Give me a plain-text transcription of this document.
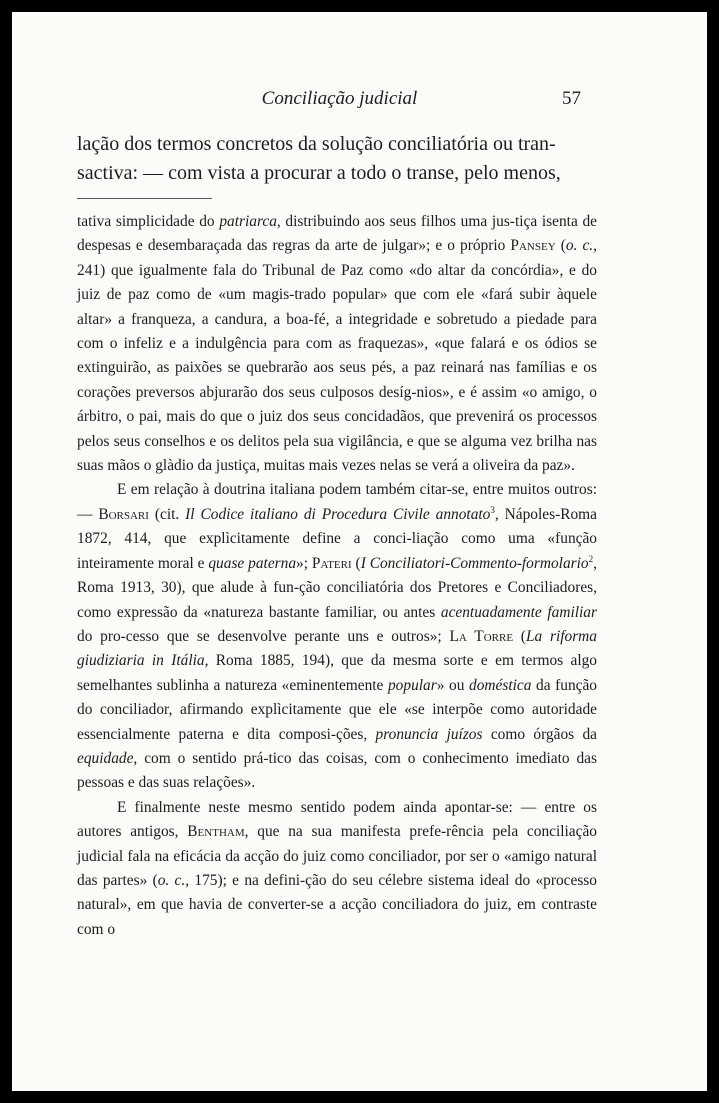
Conciliação judicial	57

lação dos termos concretos da solução conciliatória ou tran-

sactiva: — com vista a procurar a todo o transe, pelo menos,

tativa simplicidade do patriarca, distribuindo aos seus filhos uma jus-tiça isenta de despesas e desembaraçada das regras da arte de julgar»; e o próprio Pansey (o. c., 241) que igualmente fala do Tribunal de Paz como «do altar da concórdia», e do juiz de paz como de «um magis-trado popular» que com ele «fará subir àquele altar» a franqueza, a candura, a boa-fé, a integridade e sobretudo a piedade para com o infeliz e a indulgência para com as fraquezas», «que falará e os ódios se extinguirão, as paixões se quebrarão aos seus pés, a paz reinará nas famílias e os corações preversos abjurarão dos seus culposos desíg-nios», e é assim «o amigo, o árbitro, o pai, mais do que o juiz dos seus concidadãos, que prevenirá os processos pelos seus conselhos e os delitos pela sua vigilância, e que se alguma vez brilha nas suas mãos o glàdio da justiça, muitas mais vezes nelas se verá a oliveira da paz».

E em relação à doutrina italiana podem também citar-se, entre muitos outros: — Borsari (cit. Il Codice italiano di Procedura Civile annotato$^3$, Nápoles-Roma 1872, 414, que explìcitamente define a conci-liação como uma «função inteiramente moral e quase paterna»; Pateri (I Conciliatori-Commento-formolario$^2$, Roma 1913, 30), que alude à fun-ção conciliatória dos Pretores e Conciliadores, como expressão da «natureza bastante familiar, ou antes acentuadamente familiar do pro-cesso que se desenvolve perante uns e outros»; La Torre (La riforma giudiziaria in Itália, Roma 1885, 194), que da mesma sorte e em termos algo semelhantes sublinha a natureza «eminentemente popular» ou doméstica da função do conciliador, afirmando explìcitamente que ele «se interpõe como autoridade essencialmente paterna e dita composi-ções, pronuncia juízos como órgãos da equidade, com o sentido prá-tico das coisas, com o conhecimento imediato das pessoas e das suas relações».

E finalmente neste mesmo sentido podem ainda apontar-se: — entre os autores antigos, Bentham, que na sua manifesta prefe-rência pela conciliação judicial fala na eficácia da acção do juiz como conciliador, por ser o «amigo natural das partes» (o. c., 175); e na defini-ção do seu célebre sistema ideal do «processo natural», em que havia de converter-se a acção conciliadora do juiz, em contraste com o
